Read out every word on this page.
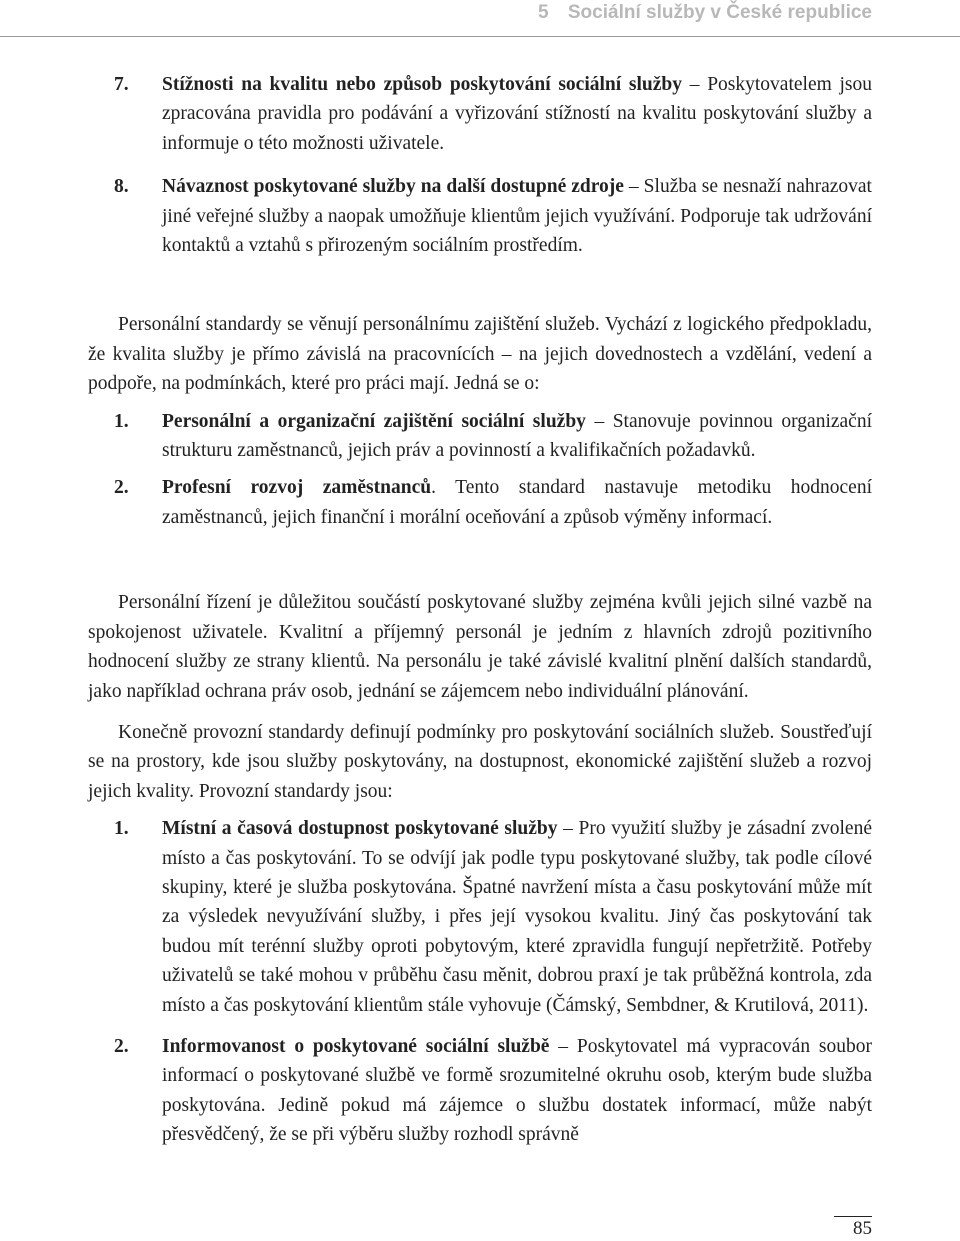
5 Sociální služby v České republice
7. Stížnosti na kvalitu nebo způsob poskytování sociální služby – Poskytovatelem jsou zpracována pravidla pro podávání a vyřizování stížností na kvalitu poskytování služby a informuje o této možnosti uživatele.
8. Návaznost poskytované služby na další dostupné zdroje – Služba se nesnaží nahrazovat jiné veřejné služby a naopak umožňuje klientům jejich využívání. Podporuje tak udržování kontaktů a vztahů s přirozeným sociálním prostředím.

Personální standardy se věnují personálnímu zajištění služeb. Vychází z logického předpokladu, že kvalita služby je přímo závislá na pracovnících – na jejich dovednostech a vzdělání, vedení a podpoře, na podmínkách, které pro práci mají. Jedná se o:

1. Personální a organizační zajištění sociální služby – Stanovuje povinnou organizační strukturu zaměstnanců, jejich práv a povinností a kvalifikačních požadavků.
2. Profesní rozvoj zaměstnanců. Tento standard nastavuje metodiku hodnocení zaměstnanců, jejich finanční i morální oceňování a způsob výměny informací.

Personální řízení je důležitou součástí poskytované služby zejména kvůli jejich silné vazbě na spokojenost uživatele. Kvalitní a příjemný personál je jedním z hlavních zdrojů pozitivního hodnocení služby ze strany klientů. Na personálu je také závislé kvalitní plnění dalších standardů, jako například ochrana práv osob, jednání se zájemcem nebo individuální plánování.

Konečně provozní standardy definují podmínky pro poskytování sociálních služeb. Soustřeďují se na prostory, kde jsou služby poskytovány, na dostupnost, ekonomické zajištění služeb a rozvoj jejich kvality. Provozní standardy jsou:

1. Místní a časová dostupnost poskytované služby – Pro využití služby je zásadní zvolené místo a čas poskytování. To se odvíjí jak podle typu poskytované služby, tak podle cílové skupiny, které je služba poskytována. Špatné navržení místa a času poskytování může mít za výsledek nevyužívání služby, i přes její vysokou kvalitu. Jiný čas poskytování tak budou mít terénní služby oproti pobytovým, které zpravidla fungují nepřetržitě. Potřeby uživatelů se také mohou v průběhu času měnit, dobrou praxí je tak průběžná kontrola, zda místo a čas poskytování klientům stále vyhovuje (Čámský, Sembdner, & Krutilová, 2011).
2. Informovanost o poskytované sociální službě – Poskytovatel má vypracován soubor informací o poskytované službě ve formě srozumitelné okruhu osob, kterým bude služba poskytována. Jedině pokud má zájemce o službu dostatek informací, může nabýt přesvědčený, že se při výběru služby rozhodl správně
85
